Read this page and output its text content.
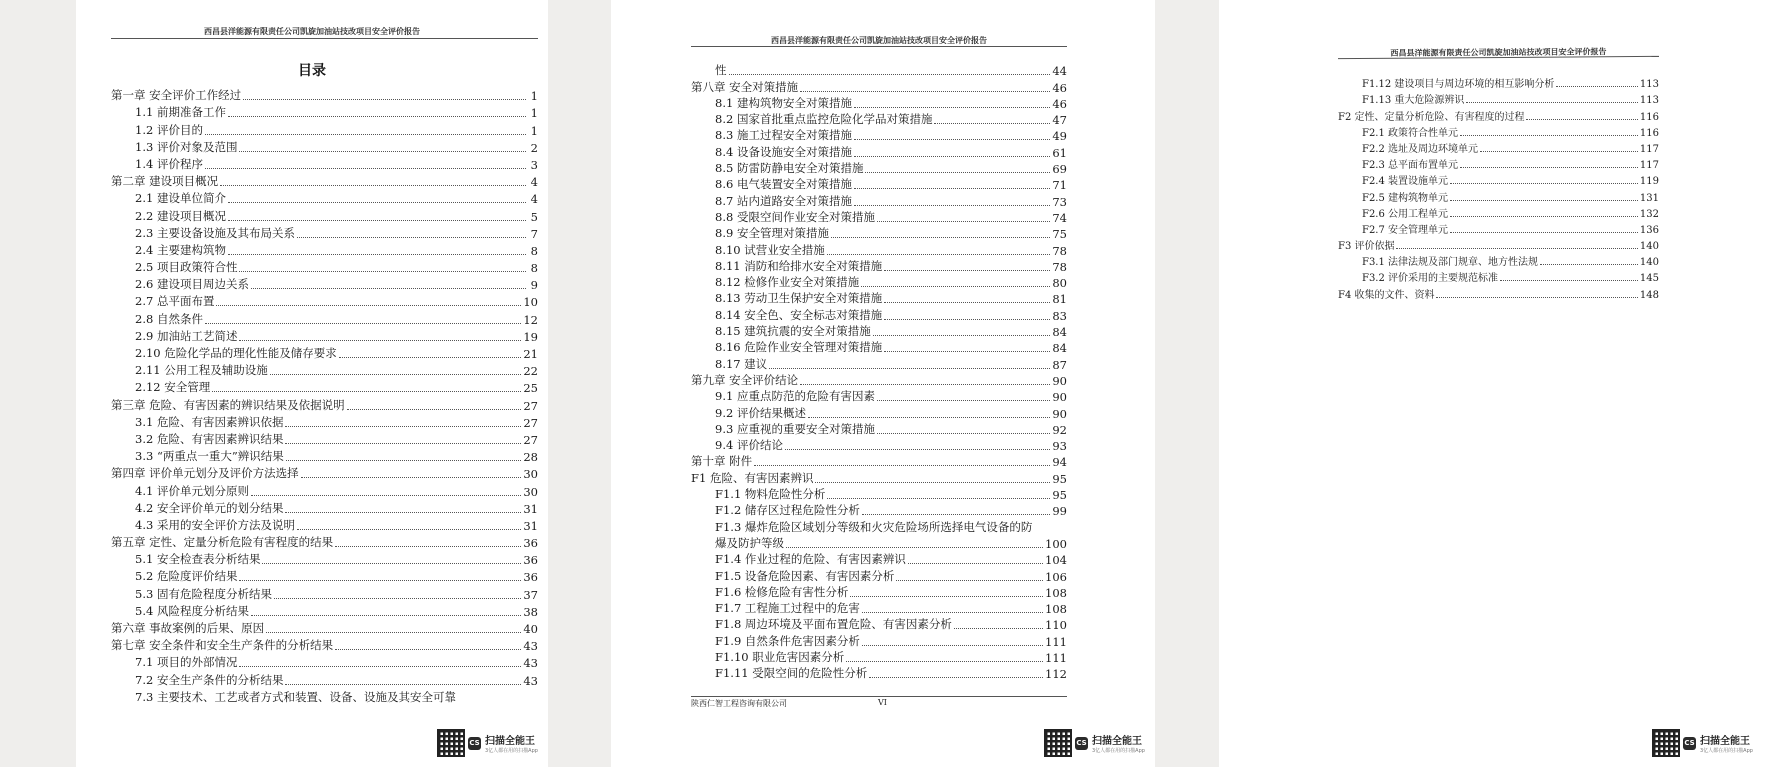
西昌县洋能源有限责任公司凯旋加油站技改项目安全评价报告
目录
第一章 安全评价工作经过	1
1.1 前期准备工作	1
1.2 评价目的	1
1.3 评价对象及范围	2
1.4 评价程序	3
第二章 建设项目概况	4
2.1 建设单位简介	4
2.2 建设项目概况	5
2.3 主要设备设施及其布局关系	7
2.4 主要建构筑物	8
2.5 项目政策符合性	8
2.6 建设项目周边关系	9
2.7 总平面布置	10
2.8 自然条件	12
2.9 加油站工艺简述	19
2.10 危险化学品的理化性能及储存要求	21
2.11 公用工程及辅助设施	22
2.12 安全管理	25
第三章 危险、有害因素的辨识结果及依据说明	27
3.1 危险、有害因素辨识依据	27
3.2 危险、有害因素辨识结果	27
3.3 “两重点一重大”辨识结果	28
第四章 评价单元划分及评价方法选择	30
4.1 评价单元划分原则	30
4.2 安全评价单元的划分结果	31
4.3 采用的安全评价方法及说明	31
第五章 定性、定量分析危险有害程度的结果	36
5.1 安全检查表分析结果	36
5.2 危险度评价结果	36
5.3 固有危险程度分析结果	37
5.4 风险程度分析结果	38
第六章 事故案例的后果、原因	40
第七章 安全条件和安全生产条件的分析结果	43
7.1 项目的外部情况	43
7.2 安全生产条件的分析结果	43
7.3 主要技术、工艺或者方式和装置、设备、设施及其安全可靠
CS 扫描全能王
3亿人都在用的扫描App
西昌县洋能源有限责任公司凯旋加油站技改项目安全评价报告
性	44
第八章 安全对策措施	46
8.1 建构筑物安全对策措施	46
8.2 国家首批重点监控危险化学品对策措施	47
8.3 施工过程安全对策措施	49
8.4 设备设施安全对策措施	61
8.5 防雷防静电安全对策措施	69
8.6 电气装置安全对策措施	71
8.7 站内道路安全对策措施	73
8.8 受限空间作业安全对策措施	74
8.9 安全管理对策措施	75
8.10 试营业安全措施	78
8.11 消防和给排水安全对策措施	78
8.12 检修作业安全对策措施	80
8.13 劳动卫生保护安全对策措施	81
8.14 安全色、安全标志对策措施	83
8.15 建筑抗震的安全对策措施	84
8.16 危险作业安全管理对策措施	84
8.17 建议	87
第九章 安全评价结论	90
9.1 应重点防范的危险有害因素	90
9.2 评价结果概述	90
9.3 应重视的重要安全对策措施	92
9.4 评价结论	93
第十章 附件	94
F1 危险、有害因素辨识	95
F1.1 物料危险性分析	95
F1.2 储存区过程危险性分析	99
F1.3 爆炸危险区域划分等级和火灾危险场所选择电气设备的防
爆及防护等级	100
F1.4 作业过程的危险、有害因素辨识	104
F1.5 设备危险因素、有害因素分析	106
F1.6 检修危险有害性分析	108
F1.7 工程施工过程中的危害	108
F1.8 周边环境及平面布置危险、有害因素分析	110
F1.9 自然条件危害因素分析	111
F1.10 职业危害因素分析	111
F1.11 受限空间的危险性分析	112
陕西仁智工程咨询有限公司	VI
CS 扫描全能王
3亿人都在用的扫描App
西昌县洋能源有限责任公司凯旋加油站技改项目安全评价报告
F1.12 建设项目与周边环境的相互影响分析	113
F1.13 重大危险源辨识	113
F2 定性、定量分析危险、有害程度的过程	116
F2.1 政策符合性单元	116
F2.2 选址及周边环境单元	117
F2.3 总平面布置单元	117
F2.4 装置设施单元	119
F2.5 建构筑物单元	131
F2.6 公用工程单元	132
F2.7 安全管理单元	136
F3 评价依据	140
F3.1 法律法规及部门规章、地方性法规	140
F3.2 评价采用的主要规范标准	145
F4 收集的文件、资料	148
CS 扫描全能王
3亿人都在用的扫描App
